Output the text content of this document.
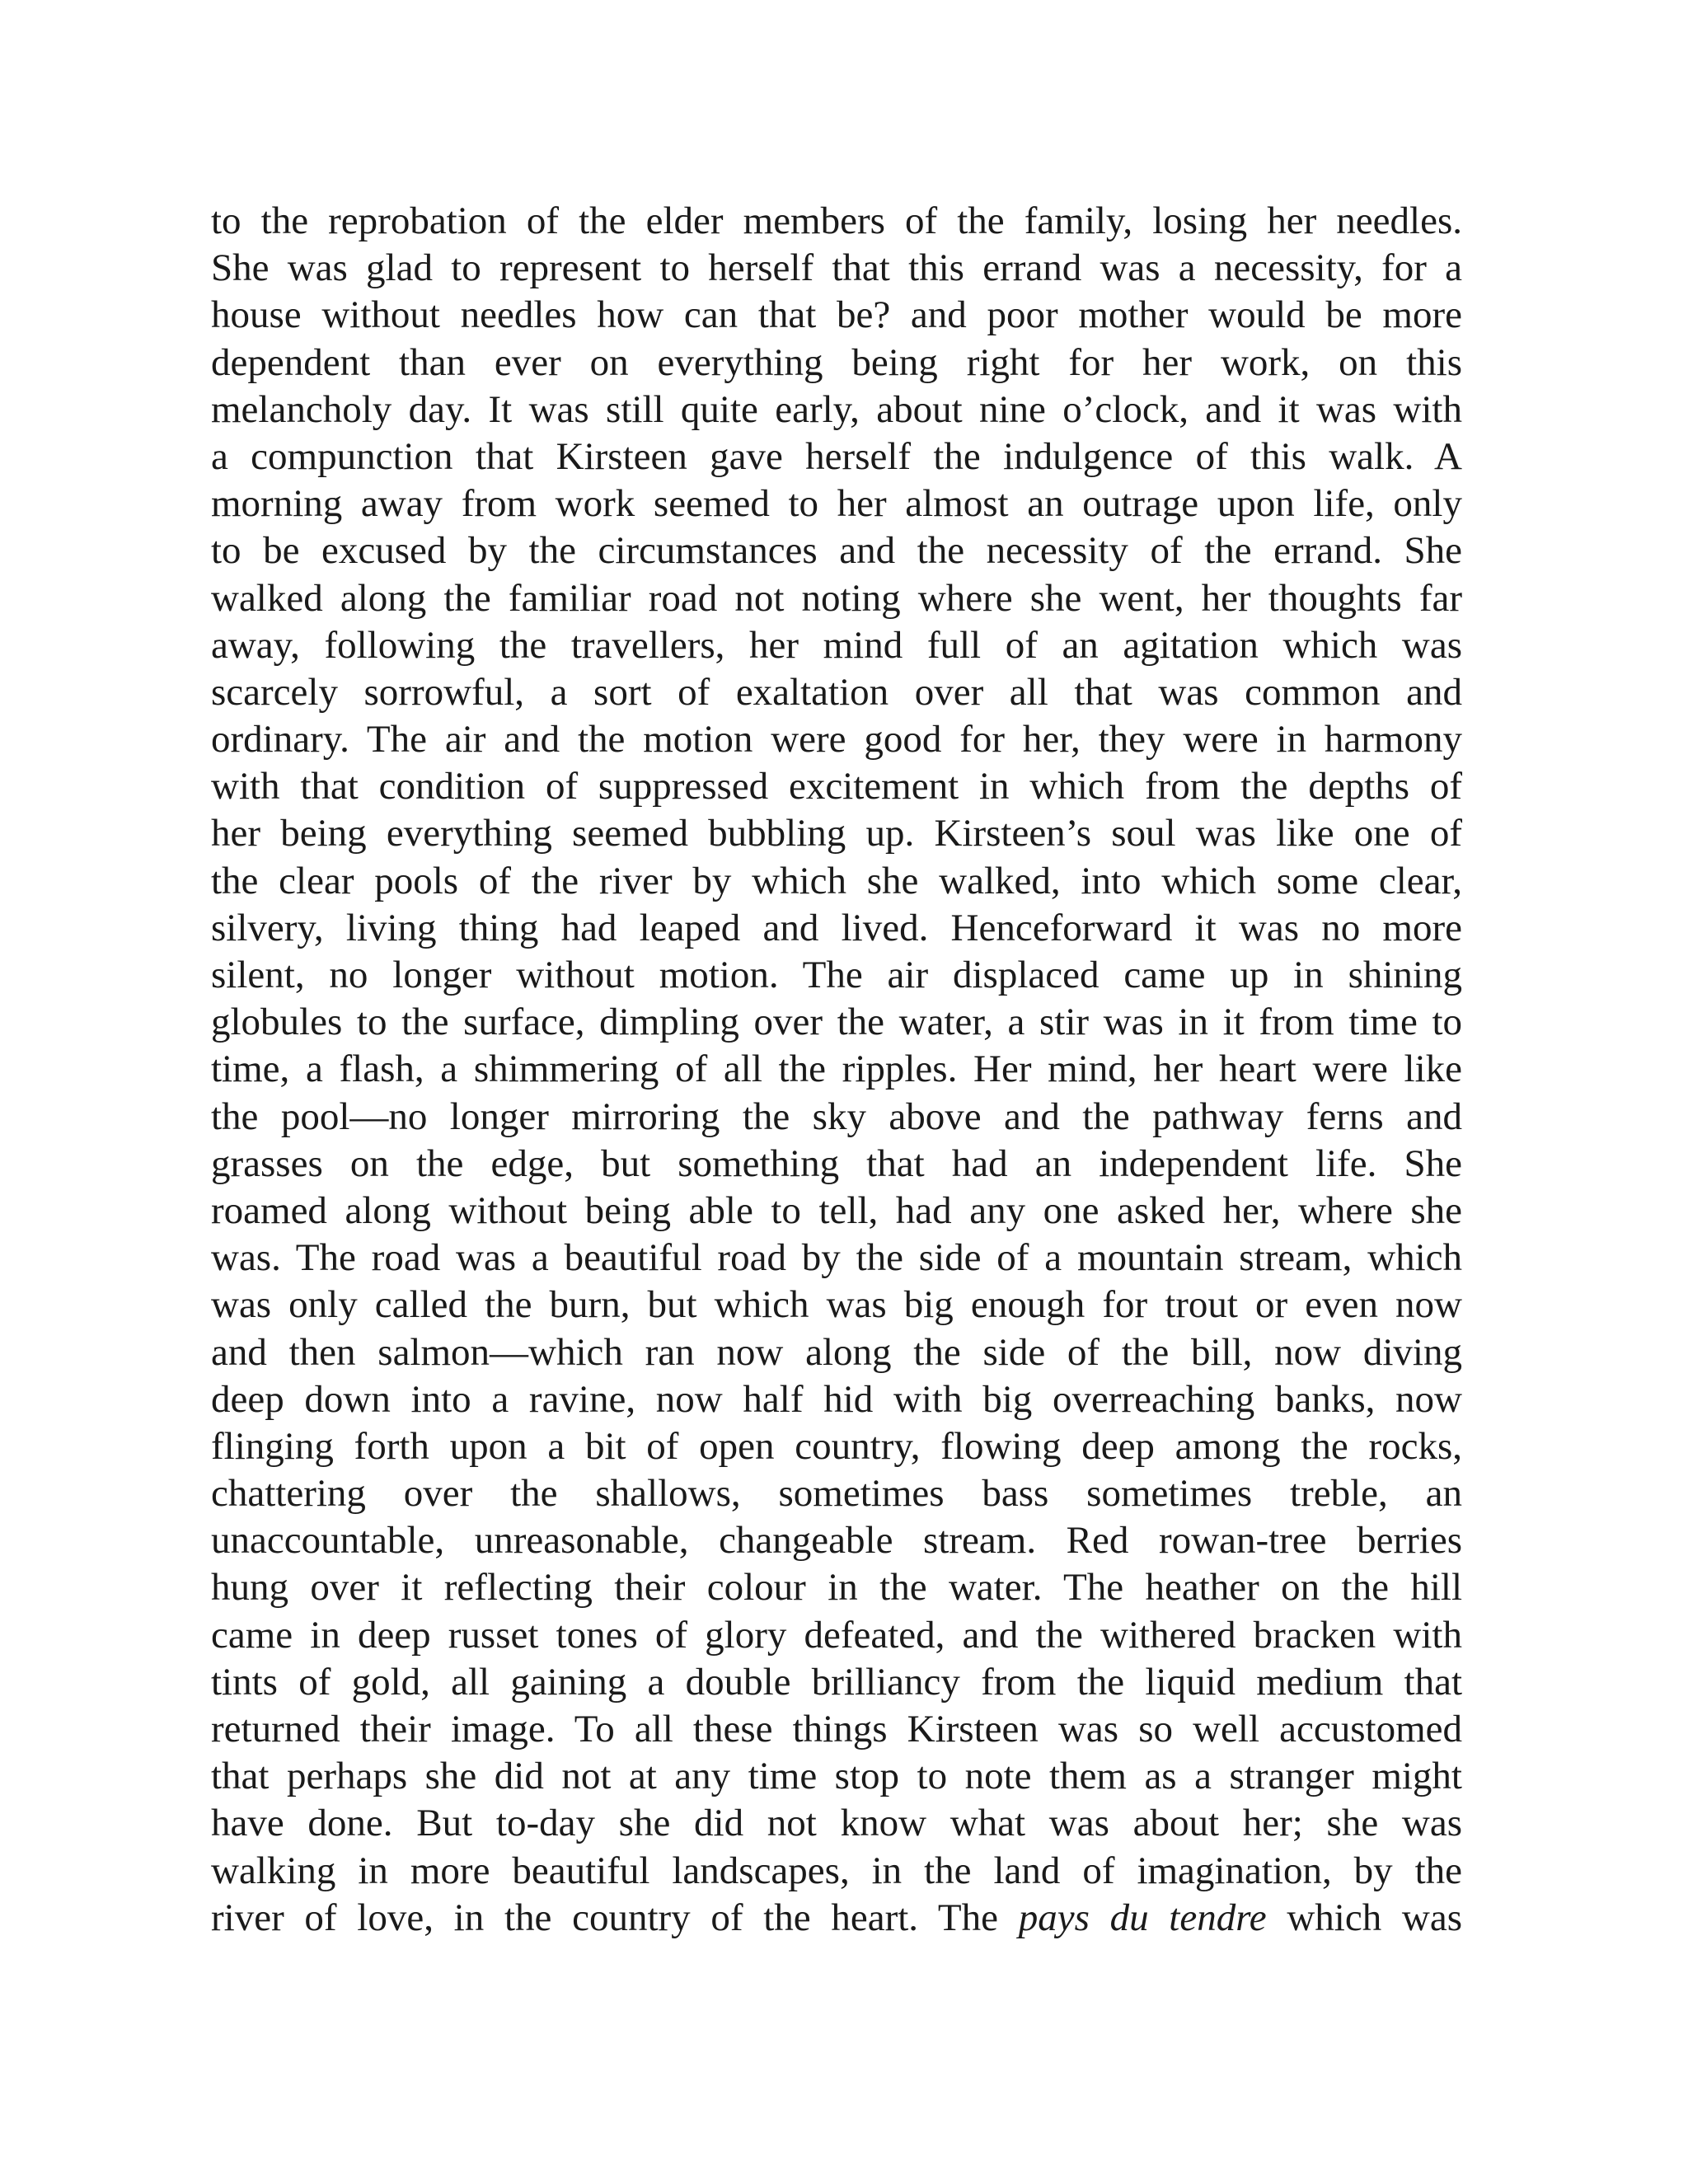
to the reprobation of the elder members of the family, losing her needles.
She was glad to represent to herself that this errand was a necessity, for a
house without needles how can that be? and poor mother would be more
dependent than ever on everything being right for her work, on this
melancholy day. It was still quite early, about nine o’clock, and it was with
a compunction that Kirsteen gave herself the indulgence of this walk. A
morning away from work seemed to her almost an outrage upon life, only
to be excused by the circumstances and the necessity of the errand. She
walked along the familiar road not noting where she went, her thoughts far
away, following the travellers, her mind full of an agitation which was
scarcely sorrowful, a sort of exaltation over all that was common and
ordinary. The air and the motion were good for her, they were in harmony
with that condition of suppressed excitement in which from the depths of
her being everything seemed bubbling up. Kirsteen’s soul was like one of
the clear pools of the river by which she walked, into which some clear,
silvery, living thing had leaped and lived. Henceforward it was no more
silent, no longer without motion. The air displaced came up in shining
globules to the surface, dimpling over the water, a stir was in it from time to
time, a flash, a shimmering of all the ripples. Her mind, her heart were like
the pool—no longer mirroring the sky above and the pathway ferns and
grasses on the edge, but something that had an independent life. She
roamed along without being able to tell, had any one asked her, where she
was. The road was a beautiful road by the side of a mountain stream, which
was only called the burn, but which was big enough for trout or even now
and then salmon—which ran now along the side of the bill, now diving
deep down into a ravine, now half hid with big overreaching banks, now
flinging forth upon a bit of open country, flowing deep among the rocks,
chattering over the shallows, sometimes bass sometimes treble, an
unaccountable, unreasonable, changeable stream. Red rowan-tree berries
hung over it reflecting their colour in the water. The heather on the hill
came in deep russet tones of glory defeated, and the withered bracken with
tints of gold, all gaining a double brilliancy from the liquid medium that
returned their image. To all these things Kirsteen was so well accustomed
that perhaps she did not at any time stop to note them as a stranger might
have done. But to-day she did not know what was about her; she was
walking in more beautiful landscapes, in the land of imagination, by the
river of love, in the country of the heart. The pays du tendre which was
